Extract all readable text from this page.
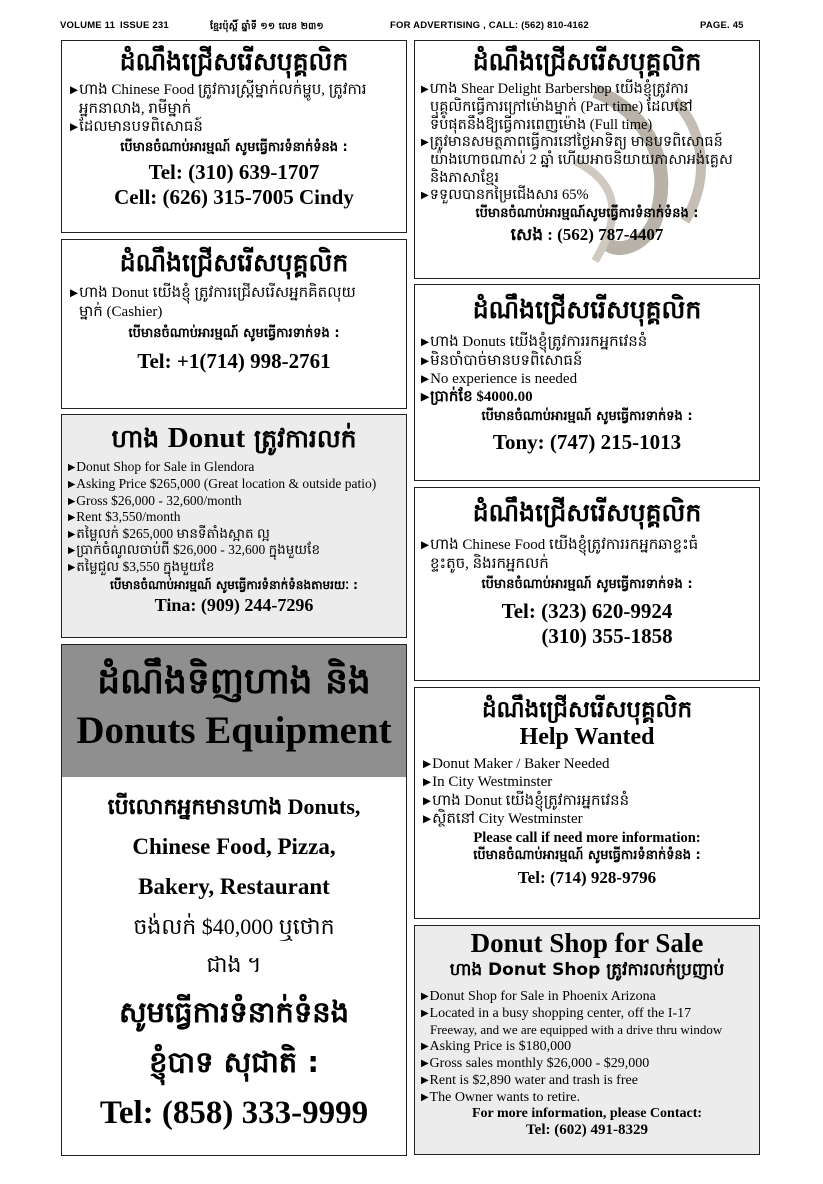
VOLUME 11 ISSUE 231	ខ្មែរប៉ុស្តិ៍ ឆ្នាំទី ១១ លេខ ២៣១	FOR ADVERTISING , CALL: (562) 810-4162	PAGE. 45
ដំណឹងជ្រើសរើសបុគ្គលិក
▶ ហាង Chinese Food ត្រូវការស្ត្រីម្នាក់លក់ម្ហូប, ត្រូវការ
អ្នកនាលាង, រាមីម្នាក់
▶ ដែលមានបទពិសោធន៍
បើមានចំណាប់អារម្មណ៍ សូមធ្វើការទំនាក់ទំនង :
Tel: (310) 639-1707
Cell: (626) 315-7005 Cindy
ដំណឹងជ្រើសរើសបុគ្គលិក
▶ ហាង Shear Delight Barbershop យើងខ្ញុំត្រូវការ
បុគ្គលិកធ្វើការក្រៅម៉ោងម្នាក់ (Part time) ដែលនៅ
ទីបំផុតនឹងឱ្យធ្វើការពេញម៉ោង (Full time)
▶ ត្រូវមានសមត្ថភាពធ្វើការនៅថ្ងៃអាទិត្យ មានបទពិសោធន៍
យ៉ាងហោចណាស់ 2 ឆ្នាំ ហើយអាចនិយាយភាសាអង់គ្លេស
និងភាសាខ្មែរ
▶ ទទួលបានកម្រៃជើងសារ 65%
បើមានចំណាប់អារម្មណ៍សូមធ្វើការទំនាក់ទំនង :
សេង : (562) 787-4407
ដំណឹងជ្រើសរើសបុគ្គលិក
▶ ហាង Donut យើងខ្ញុំ ត្រូវការជ្រើសរើសអ្នកគិតលុយ
ម្នាក់ (Cashier)
បើមានចំណាប់អារម្មណ៍ សូមធ្វើការទាក់ទង :
Tel: +1(714) 998-2761
ដំណឹងជ្រើសរើសបុគ្គលិក
▶ ហាង Donuts យើងខ្ញុំត្រូវការរកអ្នកវេននំ
▶ មិនចាំបាច់មានបទពិសោធន៍
▶ No experience is needed
▶ ប្រាក់ខែ $4000.00
បើមានចំណាប់អារម្មណ៍ សូមធ្វើការទាក់ទង :
Tony: (747) 215-1013
ហាង Donut ត្រូវការលក់
▶ Donut Shop for Sale in Glendora
▶ Asking Price $265,000 (Great location & outside patio)
▶ Gross $26,000 - 32,600/month
▶ Rent $3,550/month
▶ តម្លៃលក់ $265,000 មានទីតាំងស្អាត ល្អ
▶ ប្រាក់ចំណូលចាប់ពី $26,000 - 32,600 ក្នុងមួយខែ
▶ តម្លៃជួល $3,550 ក្នុងមួយខែ
បើមានចំណាប់អារម្មណ៍ សូមធ្វើការទំនាក់ទំនងតាមរយៈ :
Tina: (909) 244-7296
ដំណឹងជ្រើសរើសបុគ្គលិក
▶ ហាង Chinese Food យើងខ្ញុំត្រូវការរកអ្នកឆាខ្ទះធំ
ខ្ទះតូច, និងរកអ្នកលក់
បើមានចំណាប់អារម្មណ៍ សូមធ្វើការទាក់ទង :
Tel: (323) 620-9924
(310) 355-1858
ដំណឹងទិញហាង និង
Donuts Equipment
បើលោកអ្នកមានហាង Donuts,
Chinese Food, Pizza,
Bakery, Restaurant
ចង់លក់ $40,000 ឬថោក
ជាង ។
សូមធ្វើការទំនាក់ទំនង
ខ្ញុំបាទ សុជាតិ :
Tel: (858) 333-9999
ដំណឹងជ្រើសរើសបុគ្គលិក
Help Wanted
▶ Donut Maker / Baker Needed
▶ In City Westminster
▶ ហាង Donut យើងខ្ញុំត្រូវការអ្នកវេននំ
▶ ស្ថិតនៅ City Westminster
Please call if need more information:
បើមានចំណាប់អារម្មណ៍ សូមធ្វើការទំនាក់ទំនង :
Tel: (714) 928-9796
Donut Shop for Sale
ហាង Donut Shop ត្រូវការលក់ប្រញាប់
▶ Donut Shop for Sale in Phoenix Arizona
▶ Located in a busy shopping center, off the I-17
Freeway, and we are equipped with a drive thru window
▶ Asking Price is $180,000
▶ Gross sales monthly $26,000 - $29,000
▶ Rent is $2,890 water and trash is free
▶ The Owner wants to retire.
For more information, please Contact:
Tel: (602) 491-8329
